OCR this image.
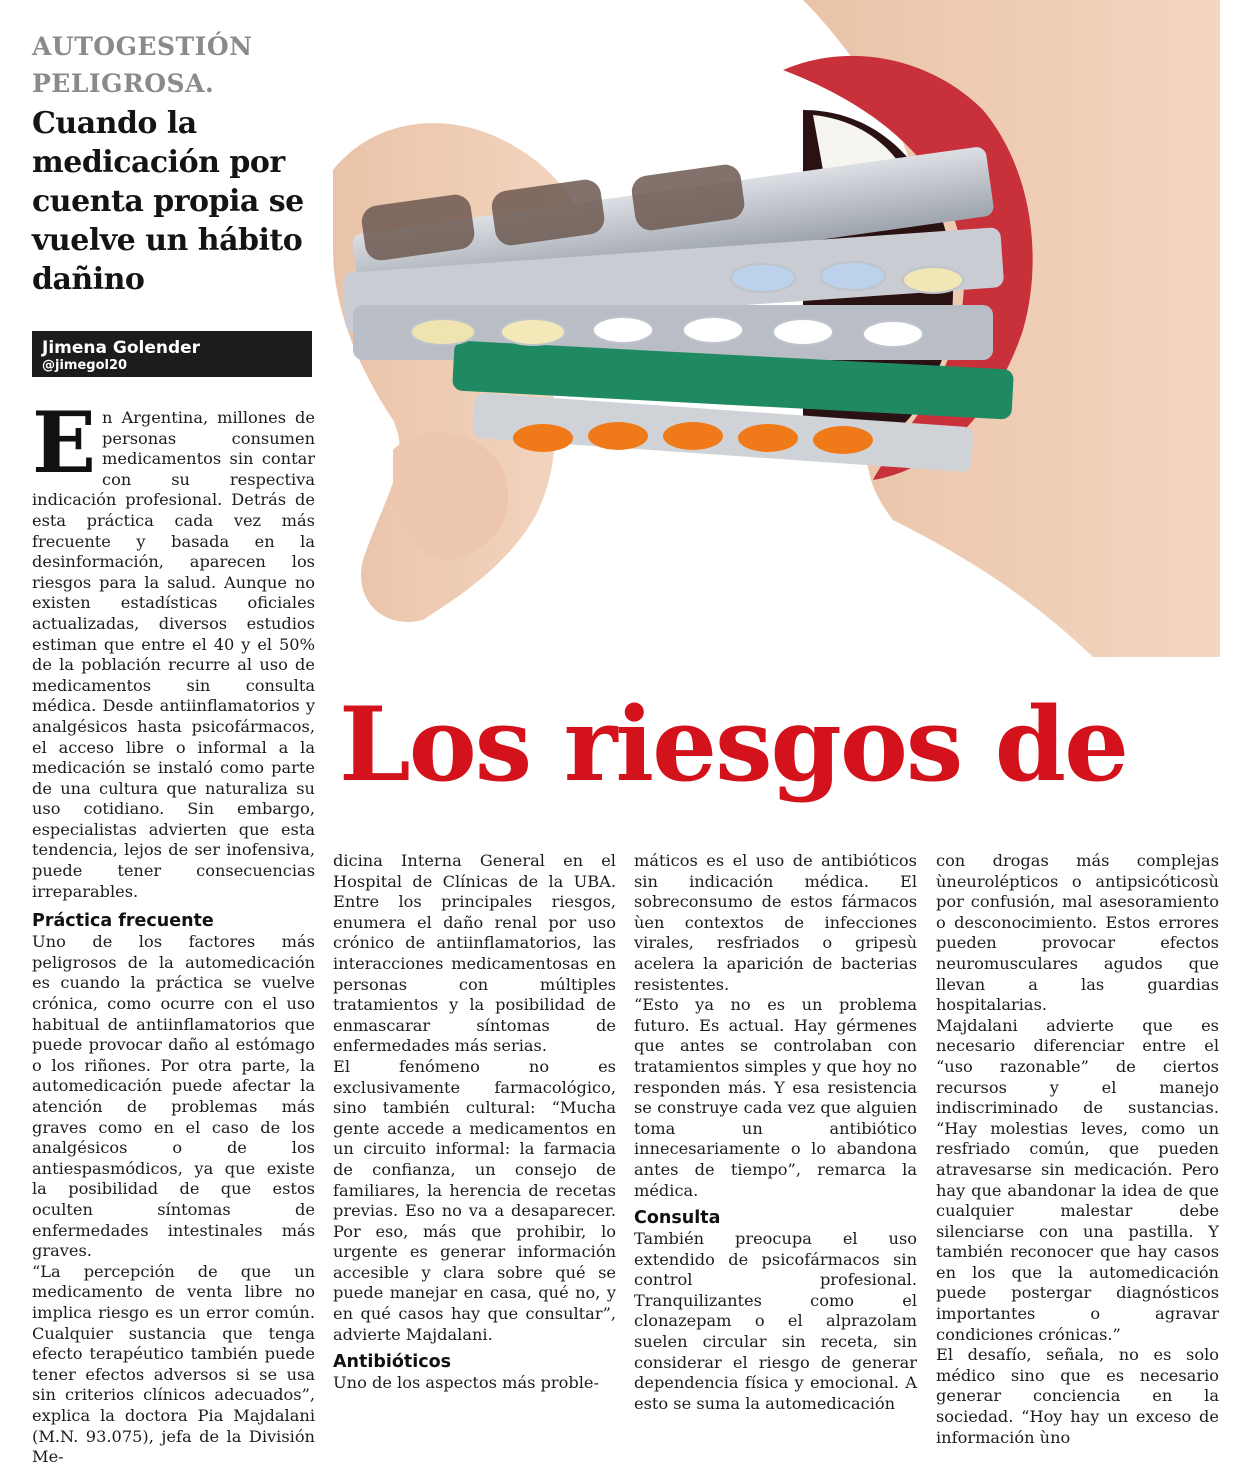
AUTOGESTIÓN PELIGROSA.
Cuando la medicación por cuenta propia se vuelve un hábito dañino
Jimena Golender
@jimegol20
Los riesgos de

En Argentina, millones de personas consumen medicamentos sin contar con su respectiva indicación profesional. Detrás de esta práctica cada vez más frecuente y basada en la desinformación, aparecen los riesgos para la salud. Aunque no existen estadísticas oficiales actualizadas, diversos estudios estiman que entre el 40 y el 50% de la población recurre al uso de medicamentos sin consulta médica. Desde antiinflamatorios y analgésicos hasta psicofármacos, el acceso libre o informal a la medicación se instaló como parte de una cultura que naturaliza su uso cotidiano. Sin embargo, especialistas advierten que esta tendencia, lejos de ser inofensiva, puede tener consecuencias irreparables.

Práctica frecuente

Uno de los factores más peligrosos de la automedicación es cuando la práctica se vuelve crónica, como ocurre con el uso habitual de antiinflamatorios que puede provocar daño al estómago o los riñones. Por otra parte, la automedicación puede afectar la atención de problemas más graves como en el caso de los analgésicos o de los antiespasmódicos, ya que existe la posibilidad de que estos oculten síntomas de enfermedades intestinales más graves.

“La percepción de que un medicamento de venta libre no implica riesgo es un error común. Cualquier sustancia que tenga efecto terapéutico también puede tener efectos adversos si se usa sin criterios clínicos adecuados”, explica la doctora Pia Majdalani (M.N. 93.075), jefa de la División Me-

dicina Interna General en el Hospital de Clínicas de la UBA. Entre los principales riesgos, enumera el daño renal por uso crónico de antiinflamatorios, las interacciones medicamentosas en personas con múltiples tratamientos y la posibilidad de enmascarar síntomas de enfermedades más serias.

El fenómeno no es exclusivamente farmacológico, sino también cultural: “Mucha gente accede a medicamentos en un circuito informal: la farmacia de confianza, un consejo de familiares, la herencia de recetas previas. Eso no va a desaparecer. Por eso, más que prohibir, lo urgente es generar información accesible y clara sobre qué se puede manejar en casa, qué no, y en qué casos hay que consultar”, advierte Majdalani.

Antibióticos

Uno de los aspectos más proble-

máticos es el uso de antibióticos sin indicación médica. El sobreconsumo de estos fármacos ùen contextos de infecciones virales, resfriados o gripesù acelera la aparición de bacterias resistentes.

“Esto ya no es un problema futuro. Es actual. Hay gérmenes que antes se controlaban con tratamientos simples y que hoy no responden más. Y esa resistencia se construye cada vez que alguien toma un antibiótico innecesariamente o lo abandona antes de tiempo”, remarca la médica.

Consulta

También preocupa el uso extendido de psicofármacos sin control profesional. Tranquilizantes como el clonazepam o el alprazolam suelen circular sin receta, sin considerar el riesgo de generar dependencia física y emocional. A esto se suma la automedicación

con drogas más complejas ùneurolépticos o antipsicóticosù por confusión, mal asesoramiento o desconocimiento. Estos errores pueden provocar efectos neuromusculares agudos que llevan a las guardias hospitalarias.

Majdalani advierte que es necesario diferenciar entre el “uso razonable” de ciertos recursos y el manejo indiscriminado de sustancias. “Hay molestias leves, como un resfriado común, que pueden atravesarse sin medicación. Pero hay que abandonar la idea de que cualquier malestar debe silenciarse con una pastilla. Y también reconocer que hay casos en los que la automedicación puede postergar diagnósticos importantes o agravar condiciones crónicas.”

El desafío, señala, no es solo médico sino que es necesario generar conciencia en la sociedad. “Hoy hay un exceso de información ùno
